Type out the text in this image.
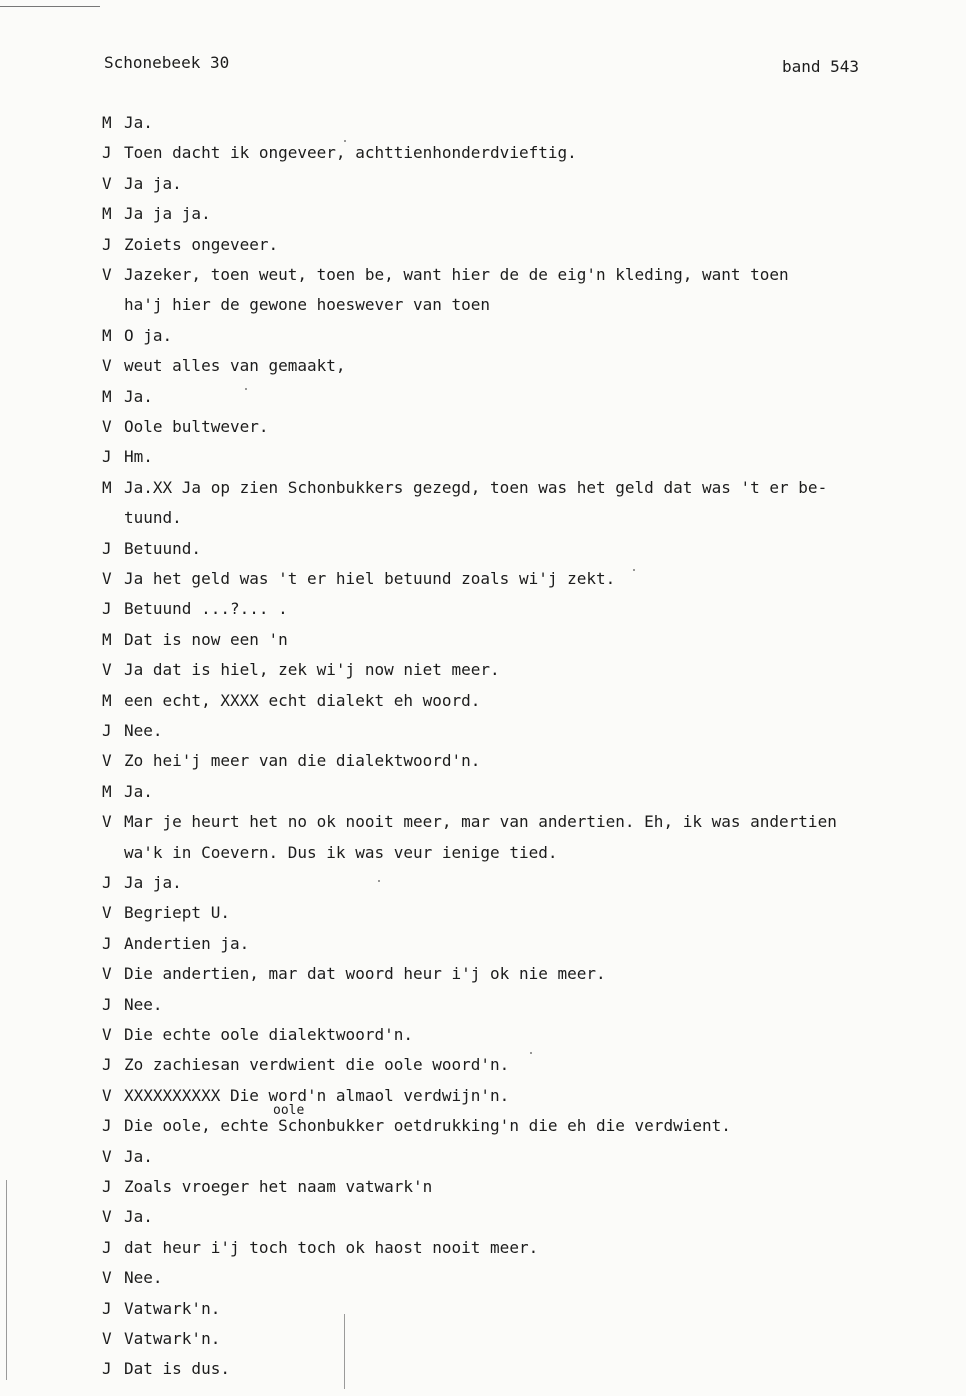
Schonebeek 30	band 543
M Ja.
J Toen dacht ik ongeveer, achttienhonderdvieftig.
V Ja ja.
M Ja ja ja.
J Zoiets ongeveer.
V Jazeker, toen weut, toen be, want hier de de eig'n kleding, want toen
ha'j hier de gewone hoeswever van toen
M O ja.
V weut alles van gemaakt,
M Ja.
V Oole bultwever.
J Hm.
M Ja.XX Ja op zien Schonbukkers gezegd, toen was het geld dat was 't er be-
tuund.
J Betuund.
V Ja het geld was 't er hiel betuund zoals wi'j zekt.
J Betuund ...?... .
M Dat is now een 'n
V Ja dat is hiel, zek wi'j now niet meer.
M een echt, XXXX echt dialekt eh woord.
J Nee.
V Zo hei'j meer van die dialektwoord'n.
M Ja.
V Mar je heurt het no ok nooit meer, mar van andertien. Eh, ik was andertien
wa'k in Coevern. Dus ik was veur ienige tied.
J Ja ja.
V Begriept U.
J Andertien ja.
V Die andertien, mar dat woord heur i'j ok nie meer.
J Nee.
V Die echte oole dialektwoord'n.
J Zo zachiesan verdwient die oole woord'n.
V XXXXXXXXXX Die word'n almaol verdwijn'n.
J Die oole, echte Schonbukker oetdrukking'n die eh die verdwient.
V Ja.
J Zoals vroeger het naam vatwark'n
V Ja.
J dat heur i'j toch toch ok haost nooit meer.
V Nee.
J Vatwark'n.
V Vatwark'n.
J Dat is dus.
oole
